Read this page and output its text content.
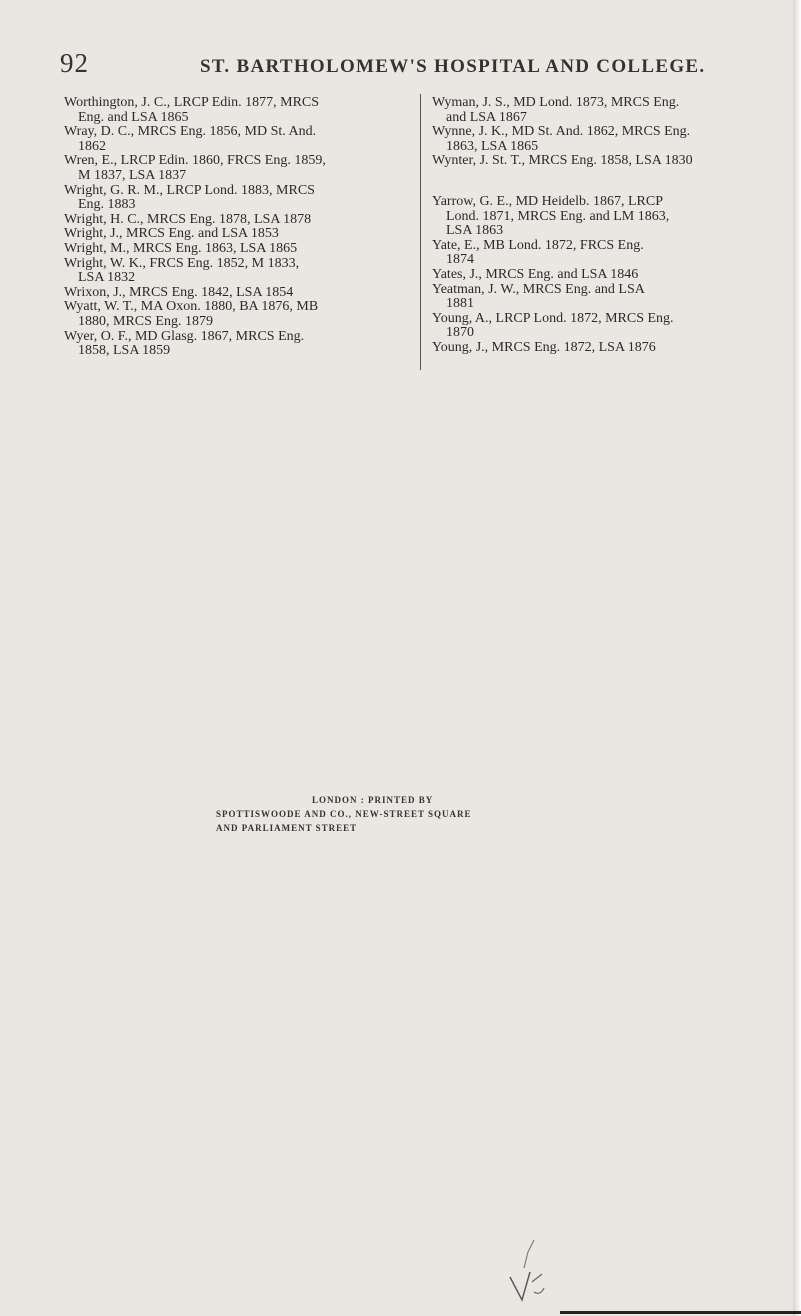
92	ST. BARTHOLOMEW'S HOSPITAL AND COLLEGE.
Worthington, J. C., LRCP Edin. 1877, MRCS
Eng. and LSA 1865
Wray, D. C., MRCS Eng. 1856, MD St. And.
1862
Wren, E., LRCP Edin. 1860, FRCS Eng. 1859,
M 1837, LSA 1837
Wright, G. R. M., LRCP Lond. 1883, MRCS
Eng. 1883
Wright, H. C., MRCS Eng. 1878, LSA 1878
Wright, J., MRCS Eng. and LSA 1853
Wright, M., MRCS Eng. 1863, LSA 1865
Wright, W. K., FRCS Eng. 1852, M 1833,
LSA 1832
Wrixon, J., MRCS Eng. 1842, LSA 1854
Wyatt, W. T., MA Oxon. 1880, BA 1876, MB
1880, MRCS Eng. 1879
Wyer, O. F., MD Glasg. 1867, MRCS Eng.
1858, LSA 1859
Wyman, J. S., MD Lond. 1873, MRCS Eng.
and LSA 1867
Wynne, J. K., MD St. And. 1862, MRCS Eng.
1863, LSA 1865
Wynter, J. St. T., MRCS Eng. 1858, LSA 1830
Yarrow, G. E., MD Heidelb. 1867, LRCP
Lond. 1871, MRCS Eng. and LM 1863,
LSA 1863
Yate, E., MB Lond. 1872, FRCS Eng.
1874
Yates, J., MRCS Eng. and LSA 1846
Yeatman, J. W., MRCS Eng. and LSA
1881
Young, A., LRCP Lond. 1872, MRCS Eng.
1870
Young, J., MRCS Eng. 1872, LSA 1876
LONDON : PRINTED BY
SPOTTISWOODE AND CO., NEW-STREET SQUARE
AND PARLIAMENT STREET
